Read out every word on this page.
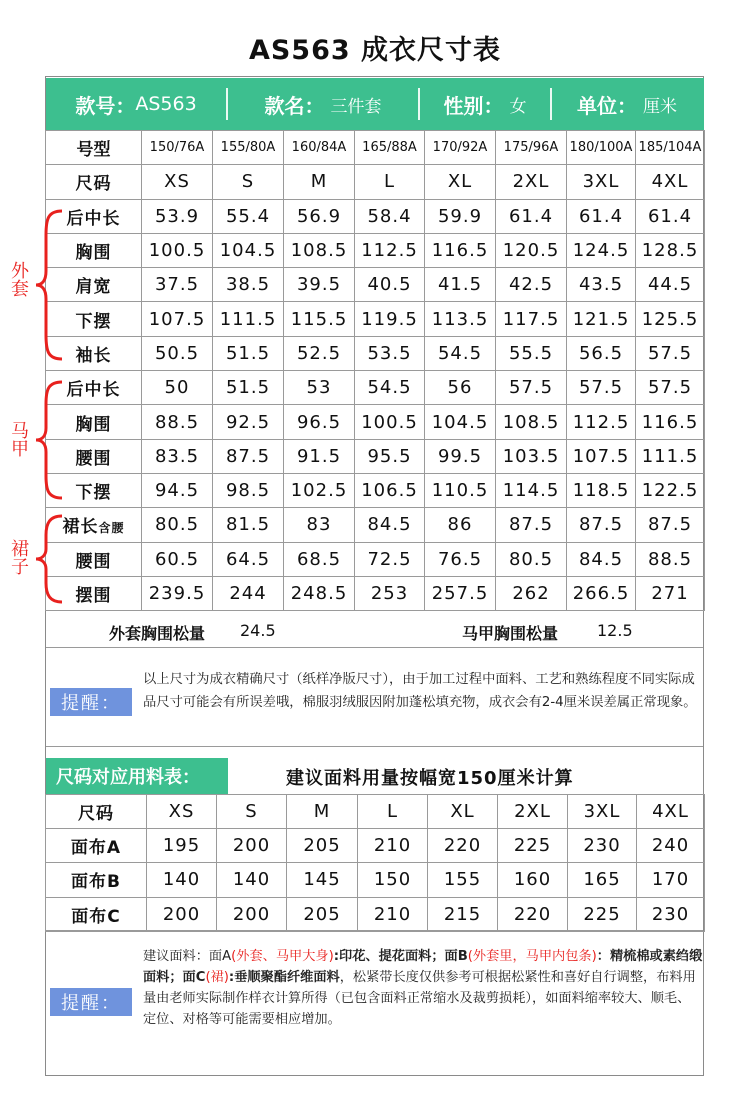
AS563 成衣尺寸表
款号： AS563	款名： 三件套	性别： 女	单位： 厘米
号型	150/76A	155/80A	160/84A	165/88A	170/92A	175/96A	180/100A	185/104A
尺码	XS	S	M	L	XL	2XL	3XL	4XL
后中长	53.9	55.4	56.9	58.4	59.9	61.4	61.4	61.4
胸围	100.5	104.5	108.5	112.5	116.5	120.5	124.5	128.5
肩宽	37.5	38.5	39.5	40.5	41.5	42.5	43.5	44.5
下摆	107.5	111.5	115.5	119.5	113.5	117.5	121.5	125.5
袖长	50.5	51.5	52.5	53.5	54.5	55.5	56.5	57.5
后中长	50	51.5	53	54.5	56	57.5	57.5	57.5
胸围	88.5	92.5	96.5	100.5	104.5	108.5	112.5	116.5
腰围	83.5	87.5	91.5	95.5	99.5	103.5	107.5	111.5
下摆	94.5	98.5	102.5	106.5	110.5	114.5	118.5	122.5
裙长含腰	80.5	81.5	83	84.5	86	87.5	87.5	87.5
腰围	60.5	64.5	68.5	72.5	76.5	80.5	84.5	88.5
摆围	239.5	244	248.5	253	257.5	262	266.5	271
外套
马甲
裙子
外套胸围松量 24.5	马甲胸围松量 12.5
提醒：
以上尺寸为成衣精确尺寸（纸样净版尺寸），由于加工过程中面料、工艺和熟练程度不同实际成品尺寸可能会有所误差哦，棉服羽绒服因附加蓬松填充物，成衣会有2-4厘米误差属正常现象。
尺码对应用料表：	建议面料用量按幅宽150厘米计算
尺码	XS	S	M	L	XL	2XL	3XL	4XL
面布A	195	200	205	210	220	225	230	240
面布B	140	140	145	150	155	160	165	170
面布C	200	200	205	210	215	220	225	230
提醒：
建议面料：面A(外套、马甲大身):印花、提花面料；面B(外套里，马甲内包条)：精梳棉或素绉缎面料；面C(裙):垂顺聚酯纤维面料，松紧带长度仅供参考可根据松紧性和喜好自行调整，布料用量由老师实际制作样衣计算所得（已包含面料正常缩水及裁剪损耗），如面料缩率较大、顺毛、定位、对格等可能需要相应增加。
